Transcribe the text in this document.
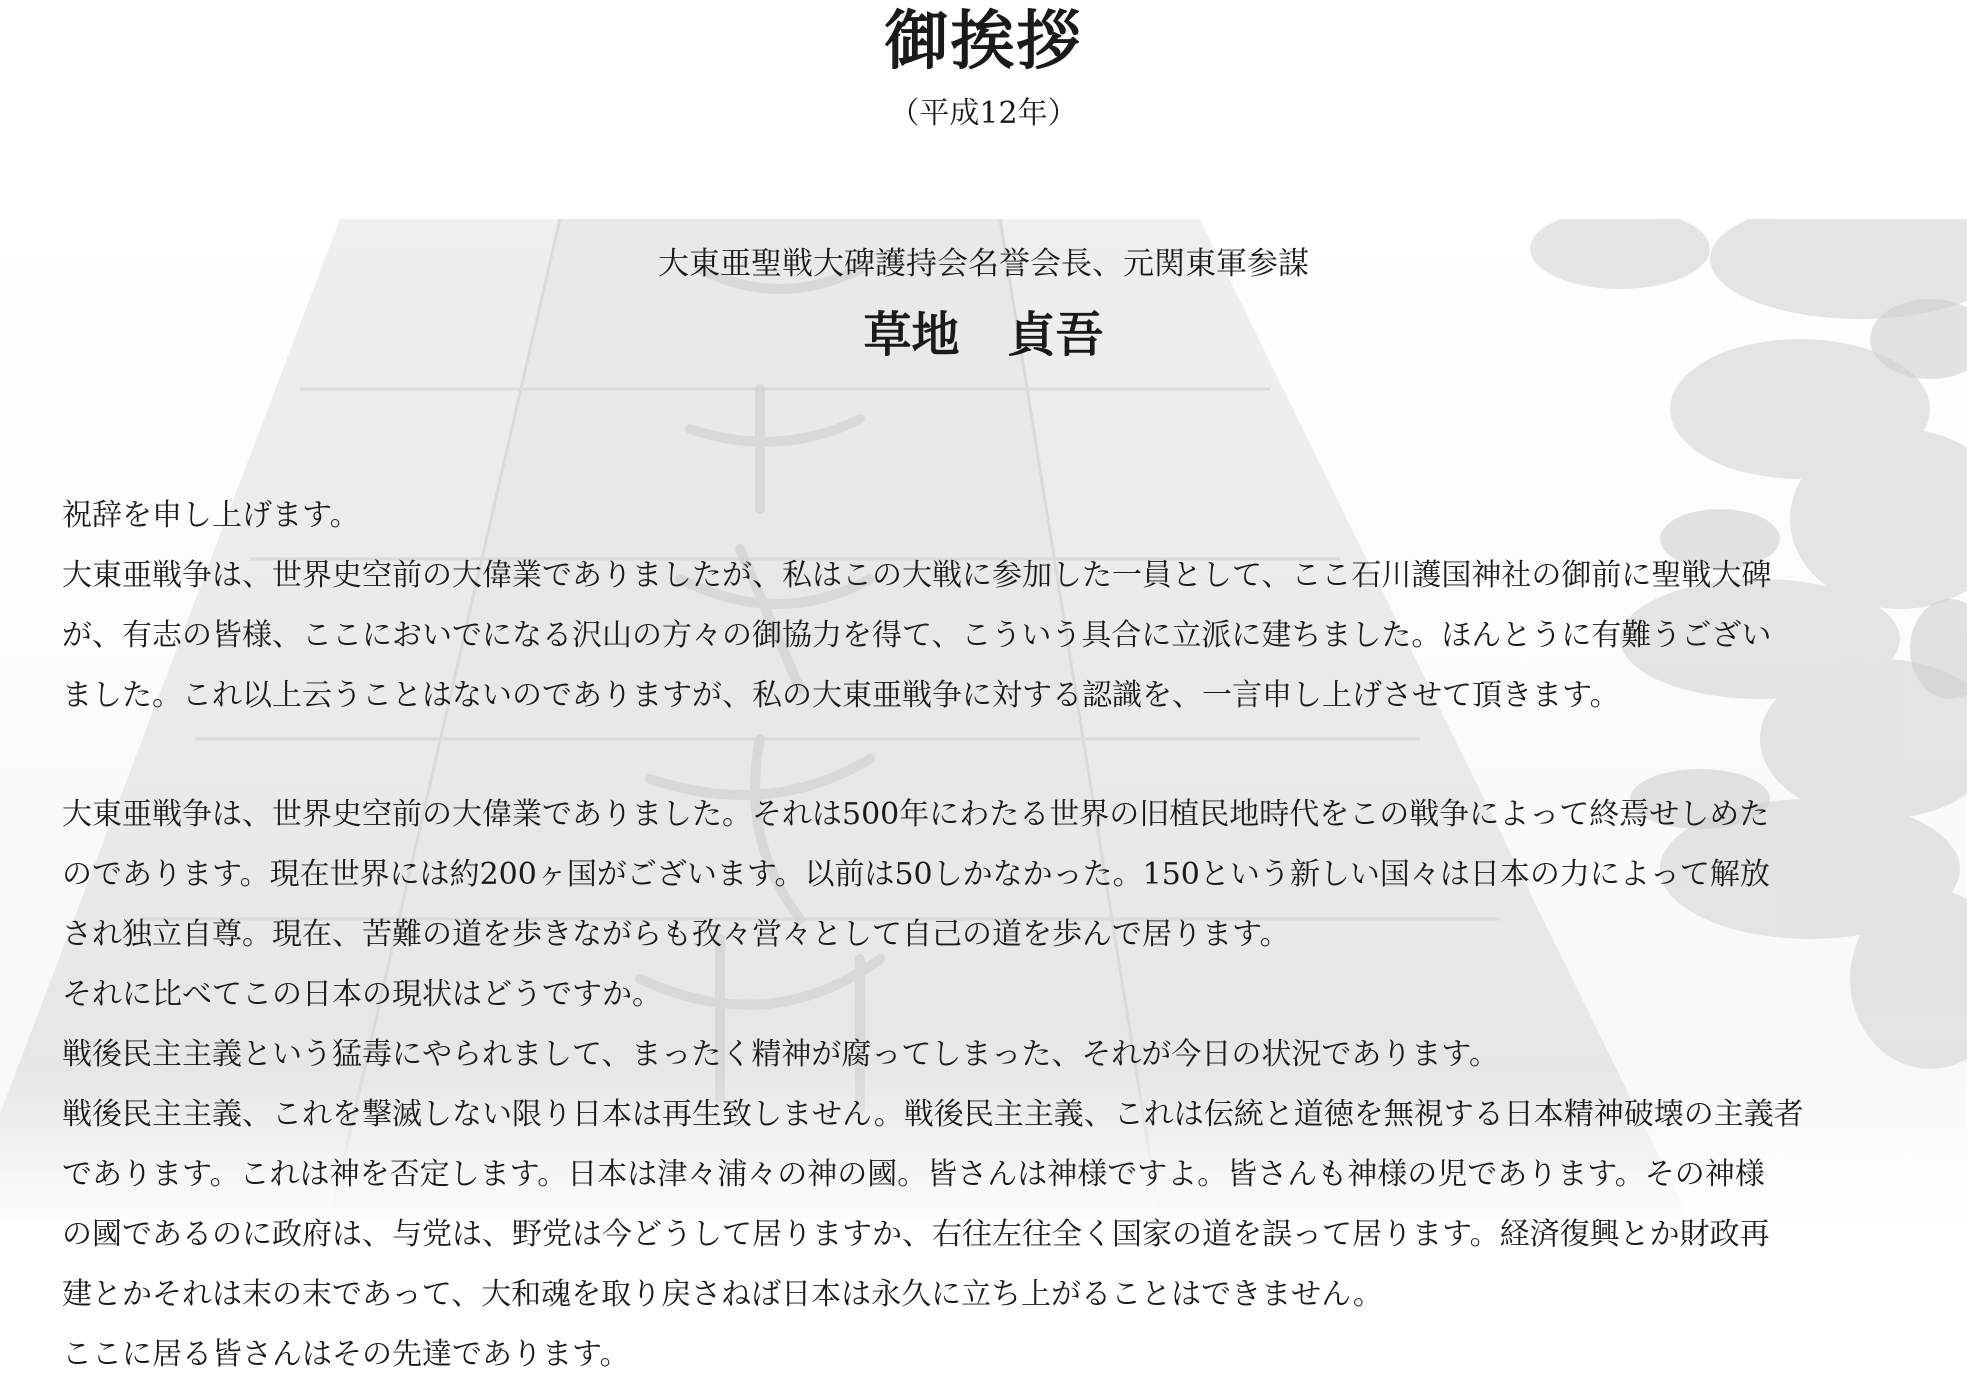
御挨拶
（平成12年）
大東亜聖戦大碑護持会名誉会長、元関東軍参謀
草地　貞吾
祝辞を申し上げます。
大東亜戦争は、世界史空前の大偉業でありましたが、私はこの大戦に参加した一員として、ここ石川護国神社の御前に聖戦大碑
が、有志の皆様、ここにおいでになる沢山の方々の御協力を得て、こういう具合に立派に建ちました。ほんとうに有難うござい
ました。これ以上云うことはないのでありますが、私の大東亜戦争に対する認識を、一言申し上げさせて頂きます。
大東亜戦争は、世界史空前の大偉業でありました。それは500年にわたる世界の旧植民地時代をこの戦争によって終焉せしめた
のであります。現在世界には約200ヶ国がございます。以前は50しかなかった。150という新しい国々は日本の力によって解放
され独立自尊。現在、苦難の道を歩きながらも孜々営々として自己の道を歩んで居ります。
それに比べてこの日本の現状はどうですか。
戦後民主主義という猛毒にやられまして、まったく精神が腐ってしまった、それが今日の状況であります。
戦後民主主義、これを撃滅しない限り日本は再生致しません。戦後民主主義、これは伝統と道徳を無視する日本精神破壊の主義者
であります。これは神を否定します。日本は津々浦々の神の國。皆さんは神様ですよ。皆さんも神様の児であります。その神様
の國であるのに政府は、与党は、野党は今どうして居りますか、右往左往全く国家の道を誤って居ります。経済復興とか財政再
建とかそれは末の末であって、大和魂を取り戻さねば日本は永久に立ち上がることはできません。
ここに居る皆さんはその先達であります。
